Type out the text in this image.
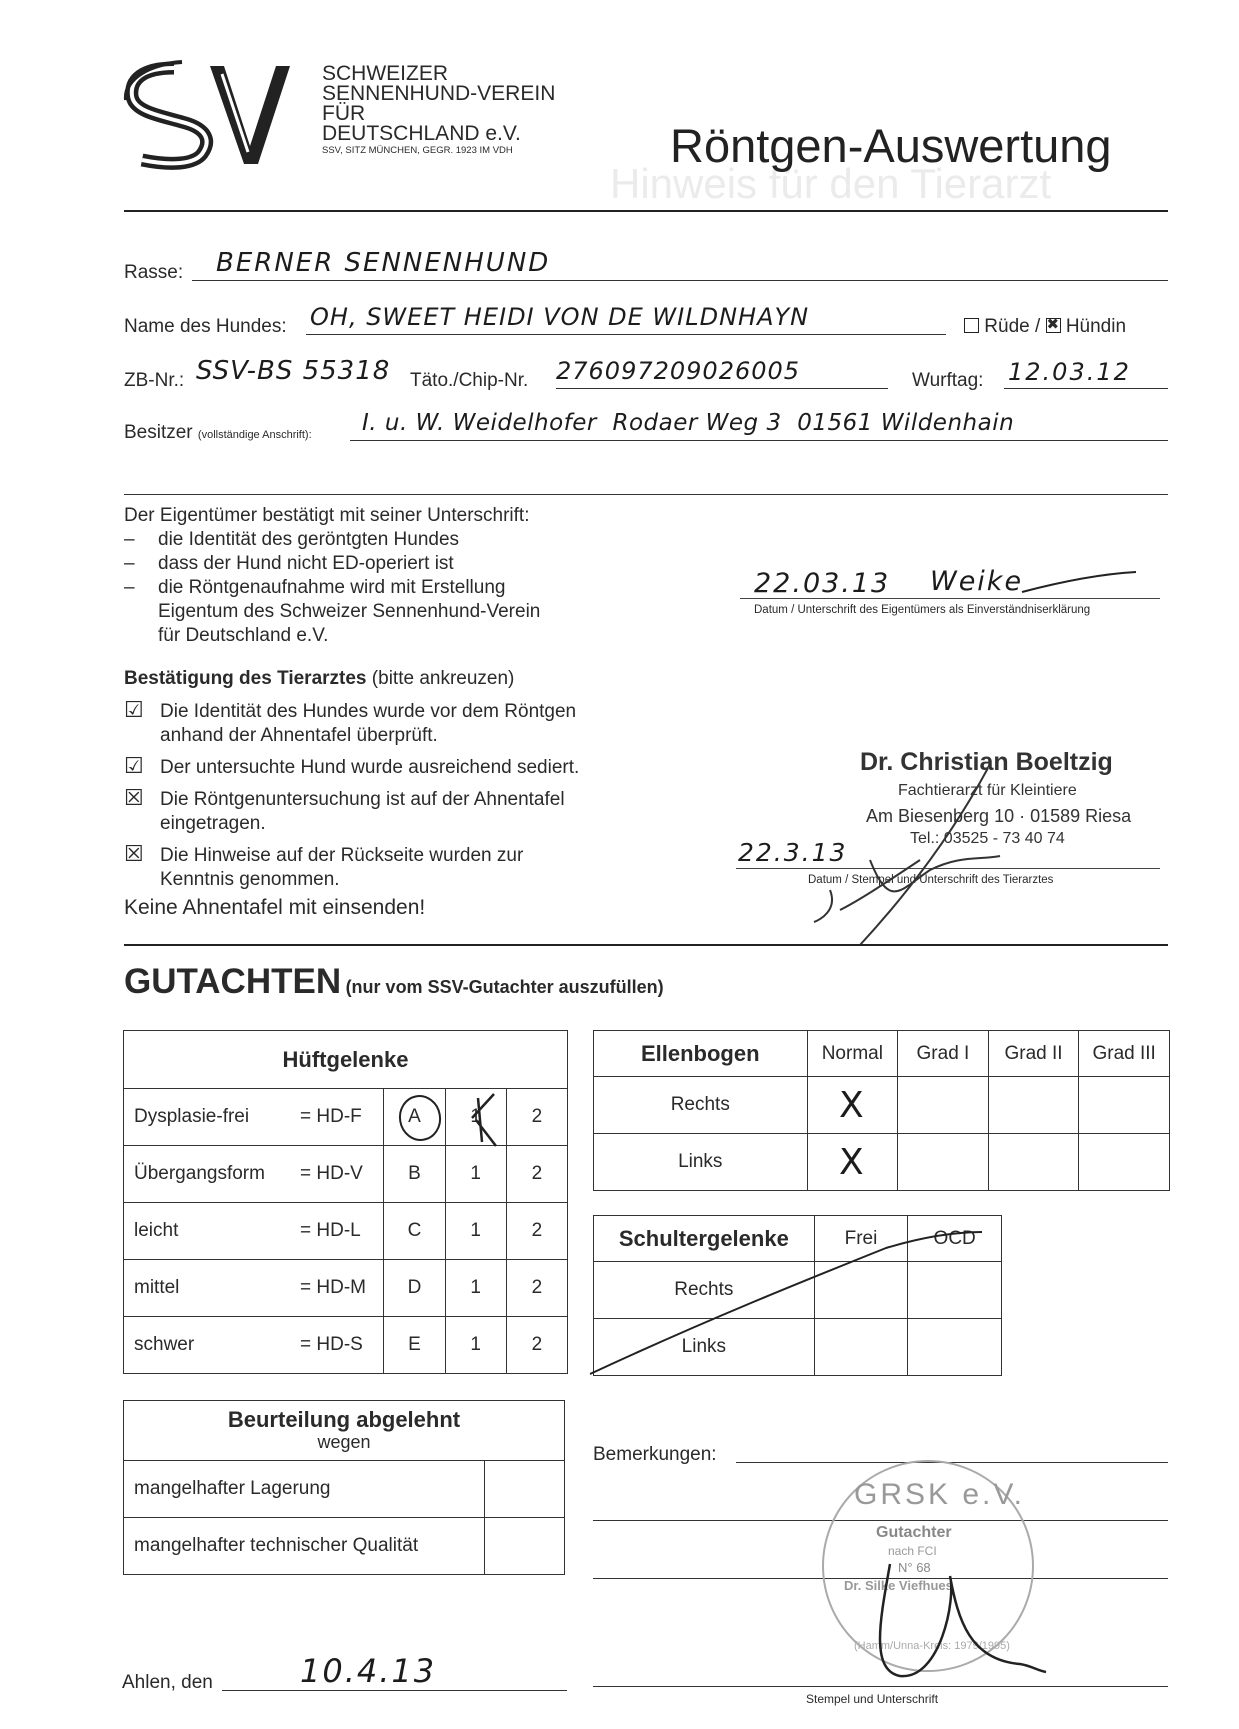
SCHWEIZER
SENNENHUND-VEREIN
FÜR
DEUTSCHLAND e.V.
SSV, SITZ MÜNCHEN, GEGR. 1923 IM VDH
Hinweis für den Tierarzt
Röntgen-Auswertung
Rasse: BERNER SENNENHUND
Name des Hundes: OH, SWEET HEIDI VON DE WILDNHAYN	Rüde / ✖ Hündin
ZB-Nr.: SSV-BS 55318 Täto./Chip-Nr. 276097209026005	Wurftag: 12.03.12
Besitzer (vollständige Anschrift): I. u. W. Weidelhofer  Rodaer Weg 3  01561 Wildenhain
Der Eigentümer bestätigt mit seiner Unterschrift:
– die Identität des geröntgten Hundes
– dass der Hund nicht ED-operiert ist
– die Röntgenaufnahme wird mit Erstellung
Eigentum des Schweizer Sennenhund-Verein
für Deutschland e.V.
22.03.13 Weike
Datum / Unterschrift des Eigentümers als Einverständniserklärung
Bestätigung des Tierarztes (bitte ankreuzen)
☑ Die Identität des Hundes wurde vor dem Röntgen
anhand der Ahnentafel überprüft.
☑ Der untersuchte Hund wurde ausreichend sediert.
☒ Die Röntgenuntersuchung ist auf der Ahnentafel
eingetragen.
☒ Die Hinweise auf der Rückseite wurden zur
Kenntnis genommen.
Keine Ahnentafel mit einsenden!
Dr. Christian Boeltzig
Fachtierarzt für Kleintiere
Am Biesenberg 10 · 01589 Riesa
Tel.: 03525 - 73 40 74
22.3.13
Datum / Stempel und Unterschrift des Tierarztes
GUTACHTEN (nur vom SSV-Gutachter auszufüllen)
Hüftgelenke				
Dysplasie-frei	= HD-F	A	1	2
Übergangsform	= HD-V	B	1	2
leicht	= HD-L	C	1	2
mittel	= HD-M	D	1	2
schwer	= HD-S	E	1	2
Ellenbogen	Normal	Grad I	Grad II	Grad III
Rechts	X			
Links	X			
Schultergelenke	Frei	OCD
Rechts		
Links		
Beurteilung abgelehnt
wegen	

mangelhafter Lagerung	
mangelhafter technischer Qualität	
Bemerkungen:
Stempel und Unterschrift
GRSK e.V.
Gutachter
nach FCI
N° 68
Dr. Silke Viefhues
(Hamm/Unna-Kreis: 1979/1995)
Ahlen, den	10.4.13
